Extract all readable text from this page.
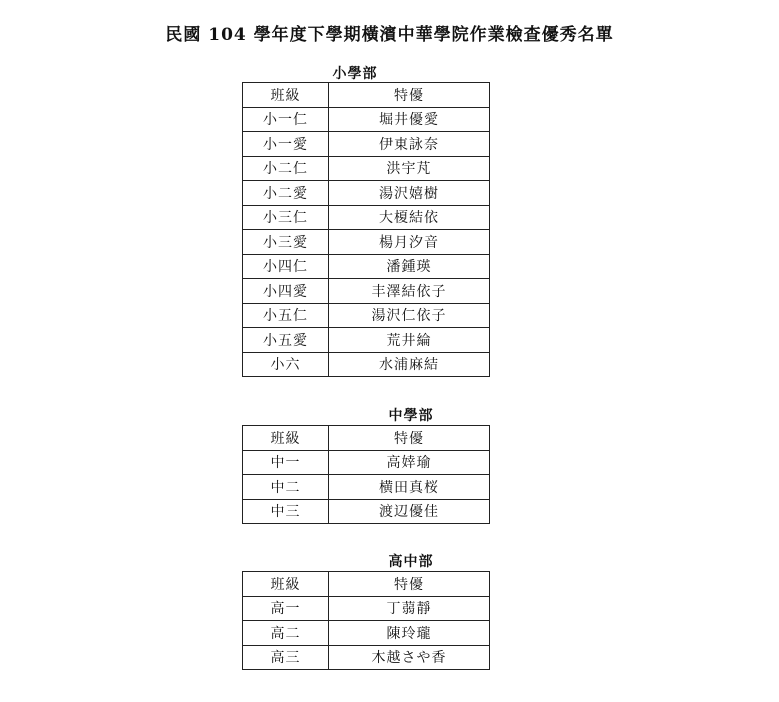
民國 104 學年度下學期橫濱中華學院作業檢查優秀名單
小學部
班級	特優
小一仁	堀井優愛
小一愛	伊東詠奈
小二仁	洪宇芃
小二愛	湯沢嬉樹
小三仁	大榎結依
小三愛	楊月汐音
小四仁	潘鍾瑛
小四愛	丰澤結依子
小五仁	湯沢仁依子
小五愛	荒井綸
小六	水浦麻結
中學部
班級	特優
中一	高婞瑜
中二	横田真桜
中三	渡辺優佳
高中部
班級	特優
高一	丁蒻靜
高二	陳玲瓏
高三	木越さや香
